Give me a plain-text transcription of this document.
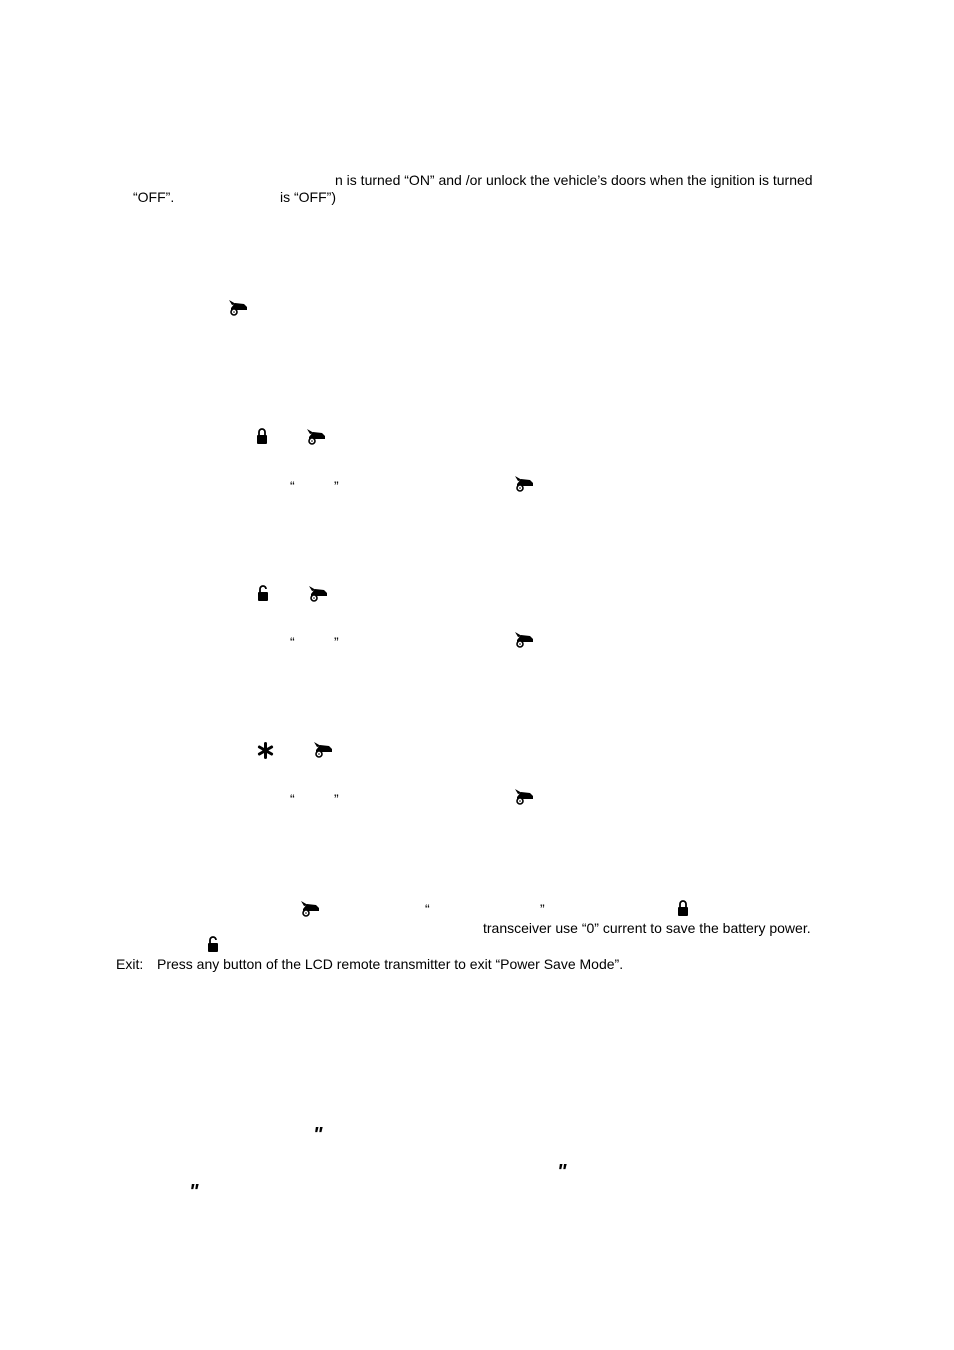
n is turned “ON” and /or unlock the vehicle’s doors when the ignition is turned
“OFF”.	is “OFF”)
“	”
“	”
“	”
“	”
transceiver use “0” current to save the battery power.
Exit: Press any button of the LCD remote transmitter to exit “Power Save Mode”.
"
"
"
